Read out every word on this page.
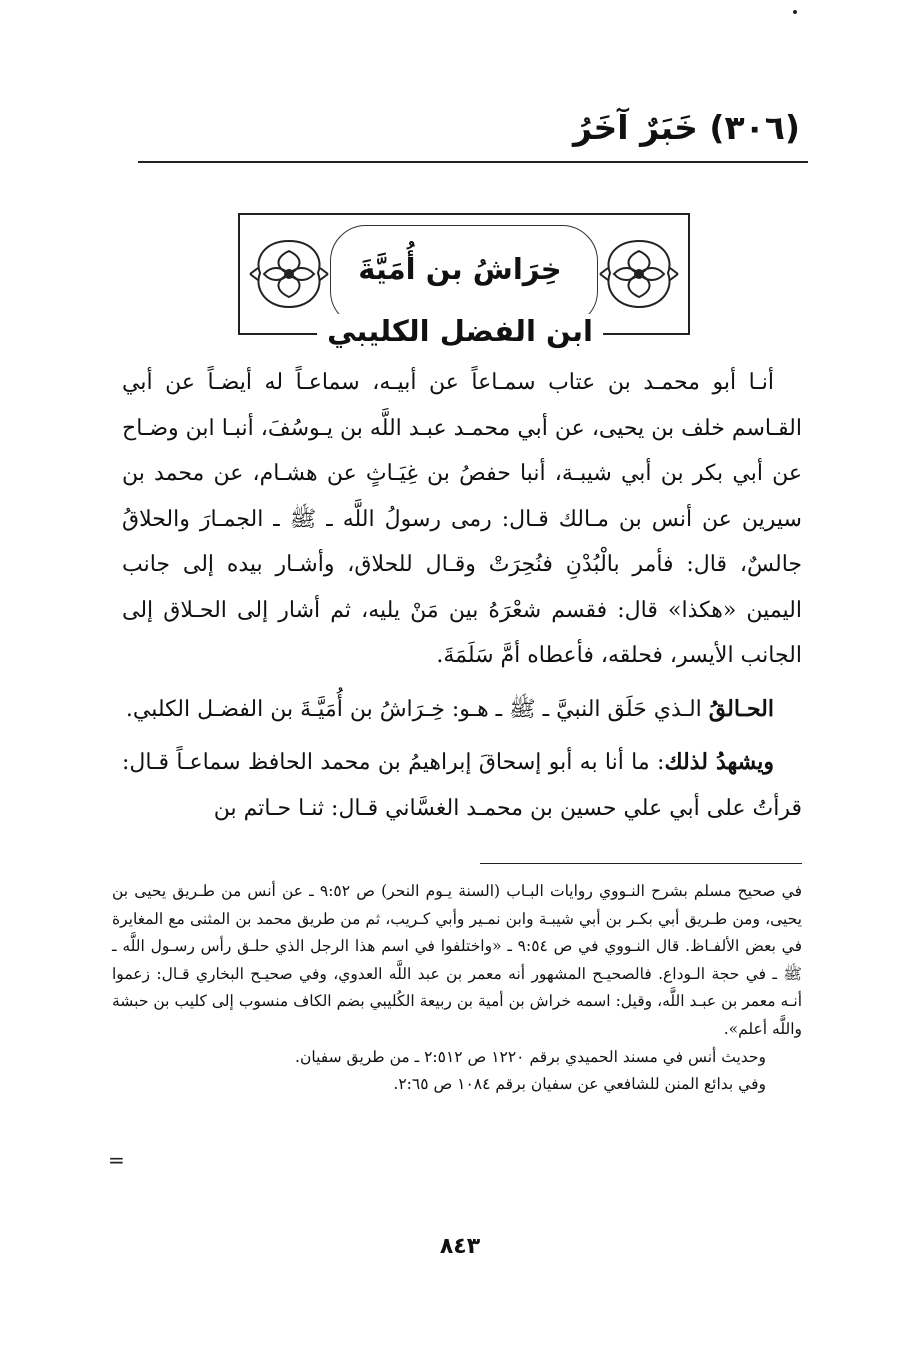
(٣٠٦) خَبَرٌ آخَرُ
خِرَاشُ بن أُمَيَّةَ
ابن الفضل الكليبي

أنـا أبو محمـد بن عتاب سمـاعاً عن أبيـه، سماعـاً له أيضـاً عن أبي القـاسم خلف بن يحيى، عن أبي محمـد عبـد اللَّه بن يـوسُفَ، أنبـا ابن وضـاح عن أبي بكر بن أبي شيبـة، أنبا حفصُ بن غِيَـاثٍ عن هشـام، عن محمد بن سيرين عن أنس بن مـالك قـال: رمى رسولُ اللَّه ـ ﷺ ـ الجمـارَ والحلاقُ جالسٌ، قال: فأمر بالْبُدْنِ فنُحِرَتْ وقـال للحلاق، وأشـار بيده إلى جانب اليمين «هكذا» قال: فقسم شعْرَهُ بين مَنْ يليه، ثم أشار إلى الحـلاق إلى الجانب الأيسر، فحلقه، فأعطاه أمَّ سَلَمَةَ.

الحـالقُ الـذي حَلَق النبيَّ ـ ﷺ ـ هـو: خِـرَاشُ بن أُمَيَّـةَ بن الفضـل الكلبي.

ويشهدُ لذلك: ما أنا به أبو إسحاقَ إبراهيمُ بن محمد الحافظ سماعـاً قـال: قرأتُ على أبي علي حسين بن محمـد الغسَّاني قـال: ثنـا حـاتم بن

في صحيح مسلم بشرح النـووي روايات البـاب (السنة يـوم النحر) ص ٩:٥٢ ـ عن أنس من طـريق يحيى بن يحيى، ومن طـريق أبي بكـر بن أبي شيبـة وابن نمـير وأبي كـريب، ثم من طريق محمد بن المثنى مع المغايرة في بعض الألفـاظ. قال النـووي في ص ٩:٥٤ ـ «واختلفوا في اسم هذا الرجل الذي حلـق رأس رسـول اللَّه ـ ﷺ ـ في حجة الـوداع. فالصحيـح المشهور أنه معمر بن عبد اللَّه العدوي، وفي صحيـح البخاري قـال: زعموا أنـه معمر بن عبـد اللَّه، وقيل: اسمه خراش بن أمية بن ربيعة الكُليبي بضم الكاف منسوب إلى كليب بن حبشة واللَّه أعلم».

وحديث أنس في مسند الحميدي برقم ١٢٢٠ ص ٢:٥١٢ ـ من طريق سفيان.

وفي بدائع المنن للشافعي عن سفيان برقم ١٠٨٤ ص ٢:٦٥.

=
٨٤٣
